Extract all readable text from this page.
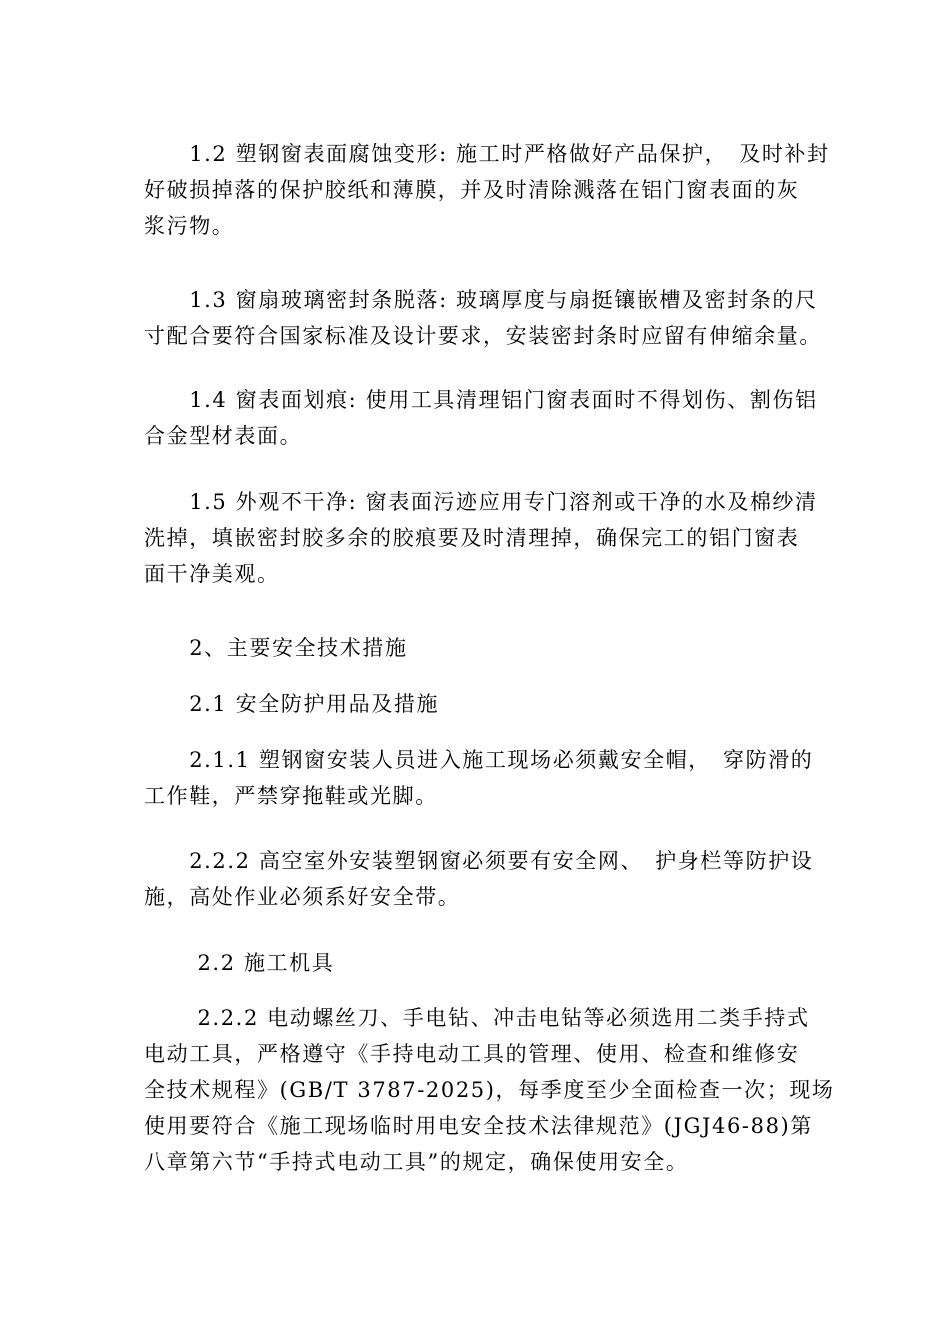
　　1.2 塑钢窗表面腐蚀变形: 施工时严格做好产品保护，　及时补封
好破损掉落的保护胶纸和薄膜，并及时清除溅落在铝门窗表面的灰
浆污物。

　　1.3 窗扇玻璃密封条脱落: 玻璃厚度与扇挺镶嵌槽及密封条的尺
寸配合要符合国家标准及设计要求，安装密封条时应留有伸缩余量。

　　1.4 窗表面划痕: 使用工具清理铝门窗表面时不得划伤、割伤铝
合金型材表面。

　　1.5 外观不干净: 窗表面污迹应用专门溶剂或干净的水及棉纱清
洗掉，填嵌密封胶多余的胶痕要及时清理掉，确保完工的铝门窗表
面干净美观。

　　2、主要安全技术措施

　　2.1 安全防护用品及措施

　　2.1.1 塑钢窗安装人员进入施工现场必须戴安全帽，　穿防滑的
工作鞋，严禁穿拖鞋或光脚。

　　2.2.2 高空室外安装塑钢窗必须要有安全网、　护身栏等防护设
施，高处作业必须系好安全带。

　　 2.2 施工机具

　　 2.2.2 电动螺丝刀、手电钻、冲击电钻等必须选用二类手持式
电动工具，严格遵守《手持电动工具的管理、使用、检查和维修安
全技术规程》(GB/T 3787-2025)，每季度至少全面检查一次；现场
使用要符合《施工现场临时用电安全技术法律规范》(JGJ46-88)第
八章第六节“手持式电动工具”的规定，确保使用安全。
